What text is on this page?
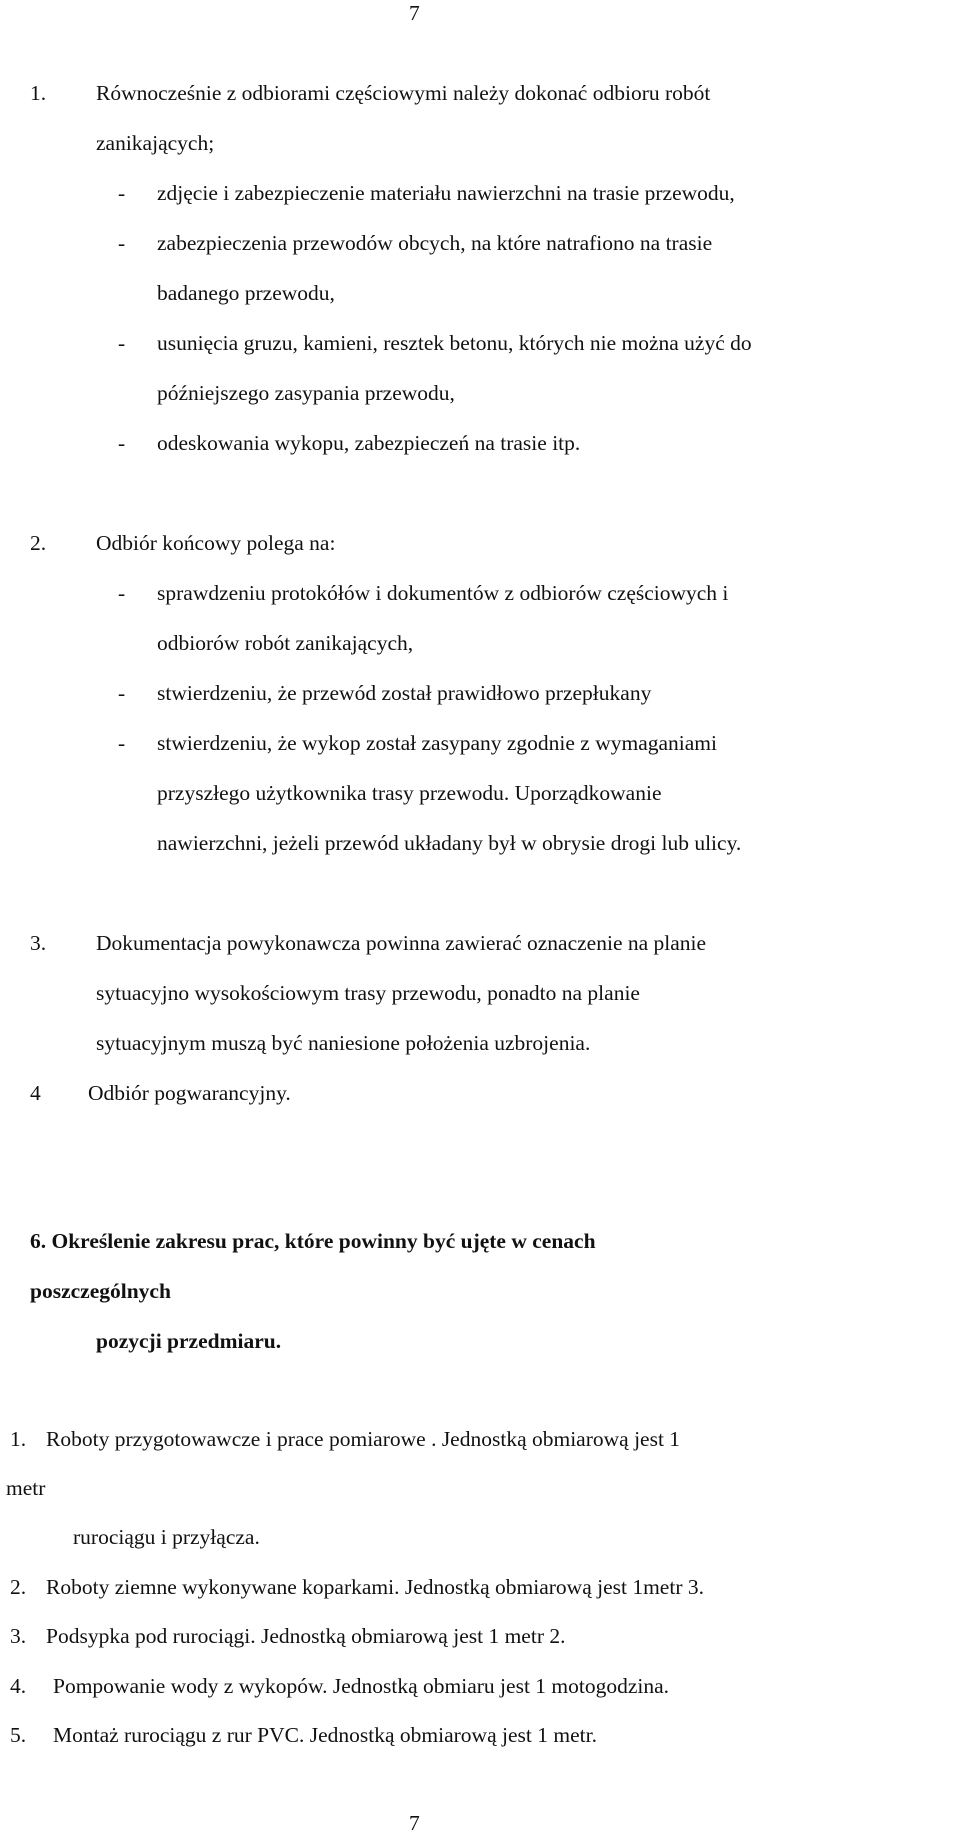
7
1. Równocześnie z odbiorami częściowymi należy dokonać odbioru robót
zanikających;
- zdjęcie i zabezpieczenie materiału nawierzchni na trasie przewodu,
- zabezpieczenia przewodów obcych, na które natrafiono na trasie
badanego przewodu,
- usunięcia gruzu, kamieni, resztek betonu, których nie można użyć do
późniejszego zasypania przewodu,
- odeskowania wykopu, zabezpieczeń na trasie itp.
2. Odbiór końcowy polega na:
- sprawdzeniu protokółów i dokumentów z odbiorów częściowych i
odbiorów robót zanikających,
- stwierdzeniu, że przewód został prawidłowo przepłukany
- stwierdzeniu, że wykop został zasypany zgodnie z wymaganiami
przyszłego użytkownika trasy przewodu. Uporządkowanie
nawierzchni, jeżeli przewód układany był w obrysie drogi lub ulicy.
3. Dokumentacja powykonawcza powinna zawierać oznaczenie na planie
sytuacyjno wysokościowym trasy przewodu, ponadto na planie
sytuacyjnym muszą być naniesione położenia uzbrojenia.
4 Odbiór pogwarancyjny.
6. Określenie zakresu prac, które powinny być ujęte w cenach
poszczególnych
pozycji przedmiaru.
1. Roboty przygotowawcze i prace pomiarowe . Jednostką obmiarową jest 1
metr
rurociągu i przyłącza.
2. Roboty ziemne wykonywane koparkami. Jednostką obmiarową jest 1metr 3.
3. Podsypka pod rurociągi. Jednostką obmiarową jest 1 metr 2.
4. Pompowanie wody z wykopów. Jednostką obmiaru jest 1 motogodzina.
5. Montaż rurociągu z rur PVC. Jednostką obmiarową jest 1 metr.
7
